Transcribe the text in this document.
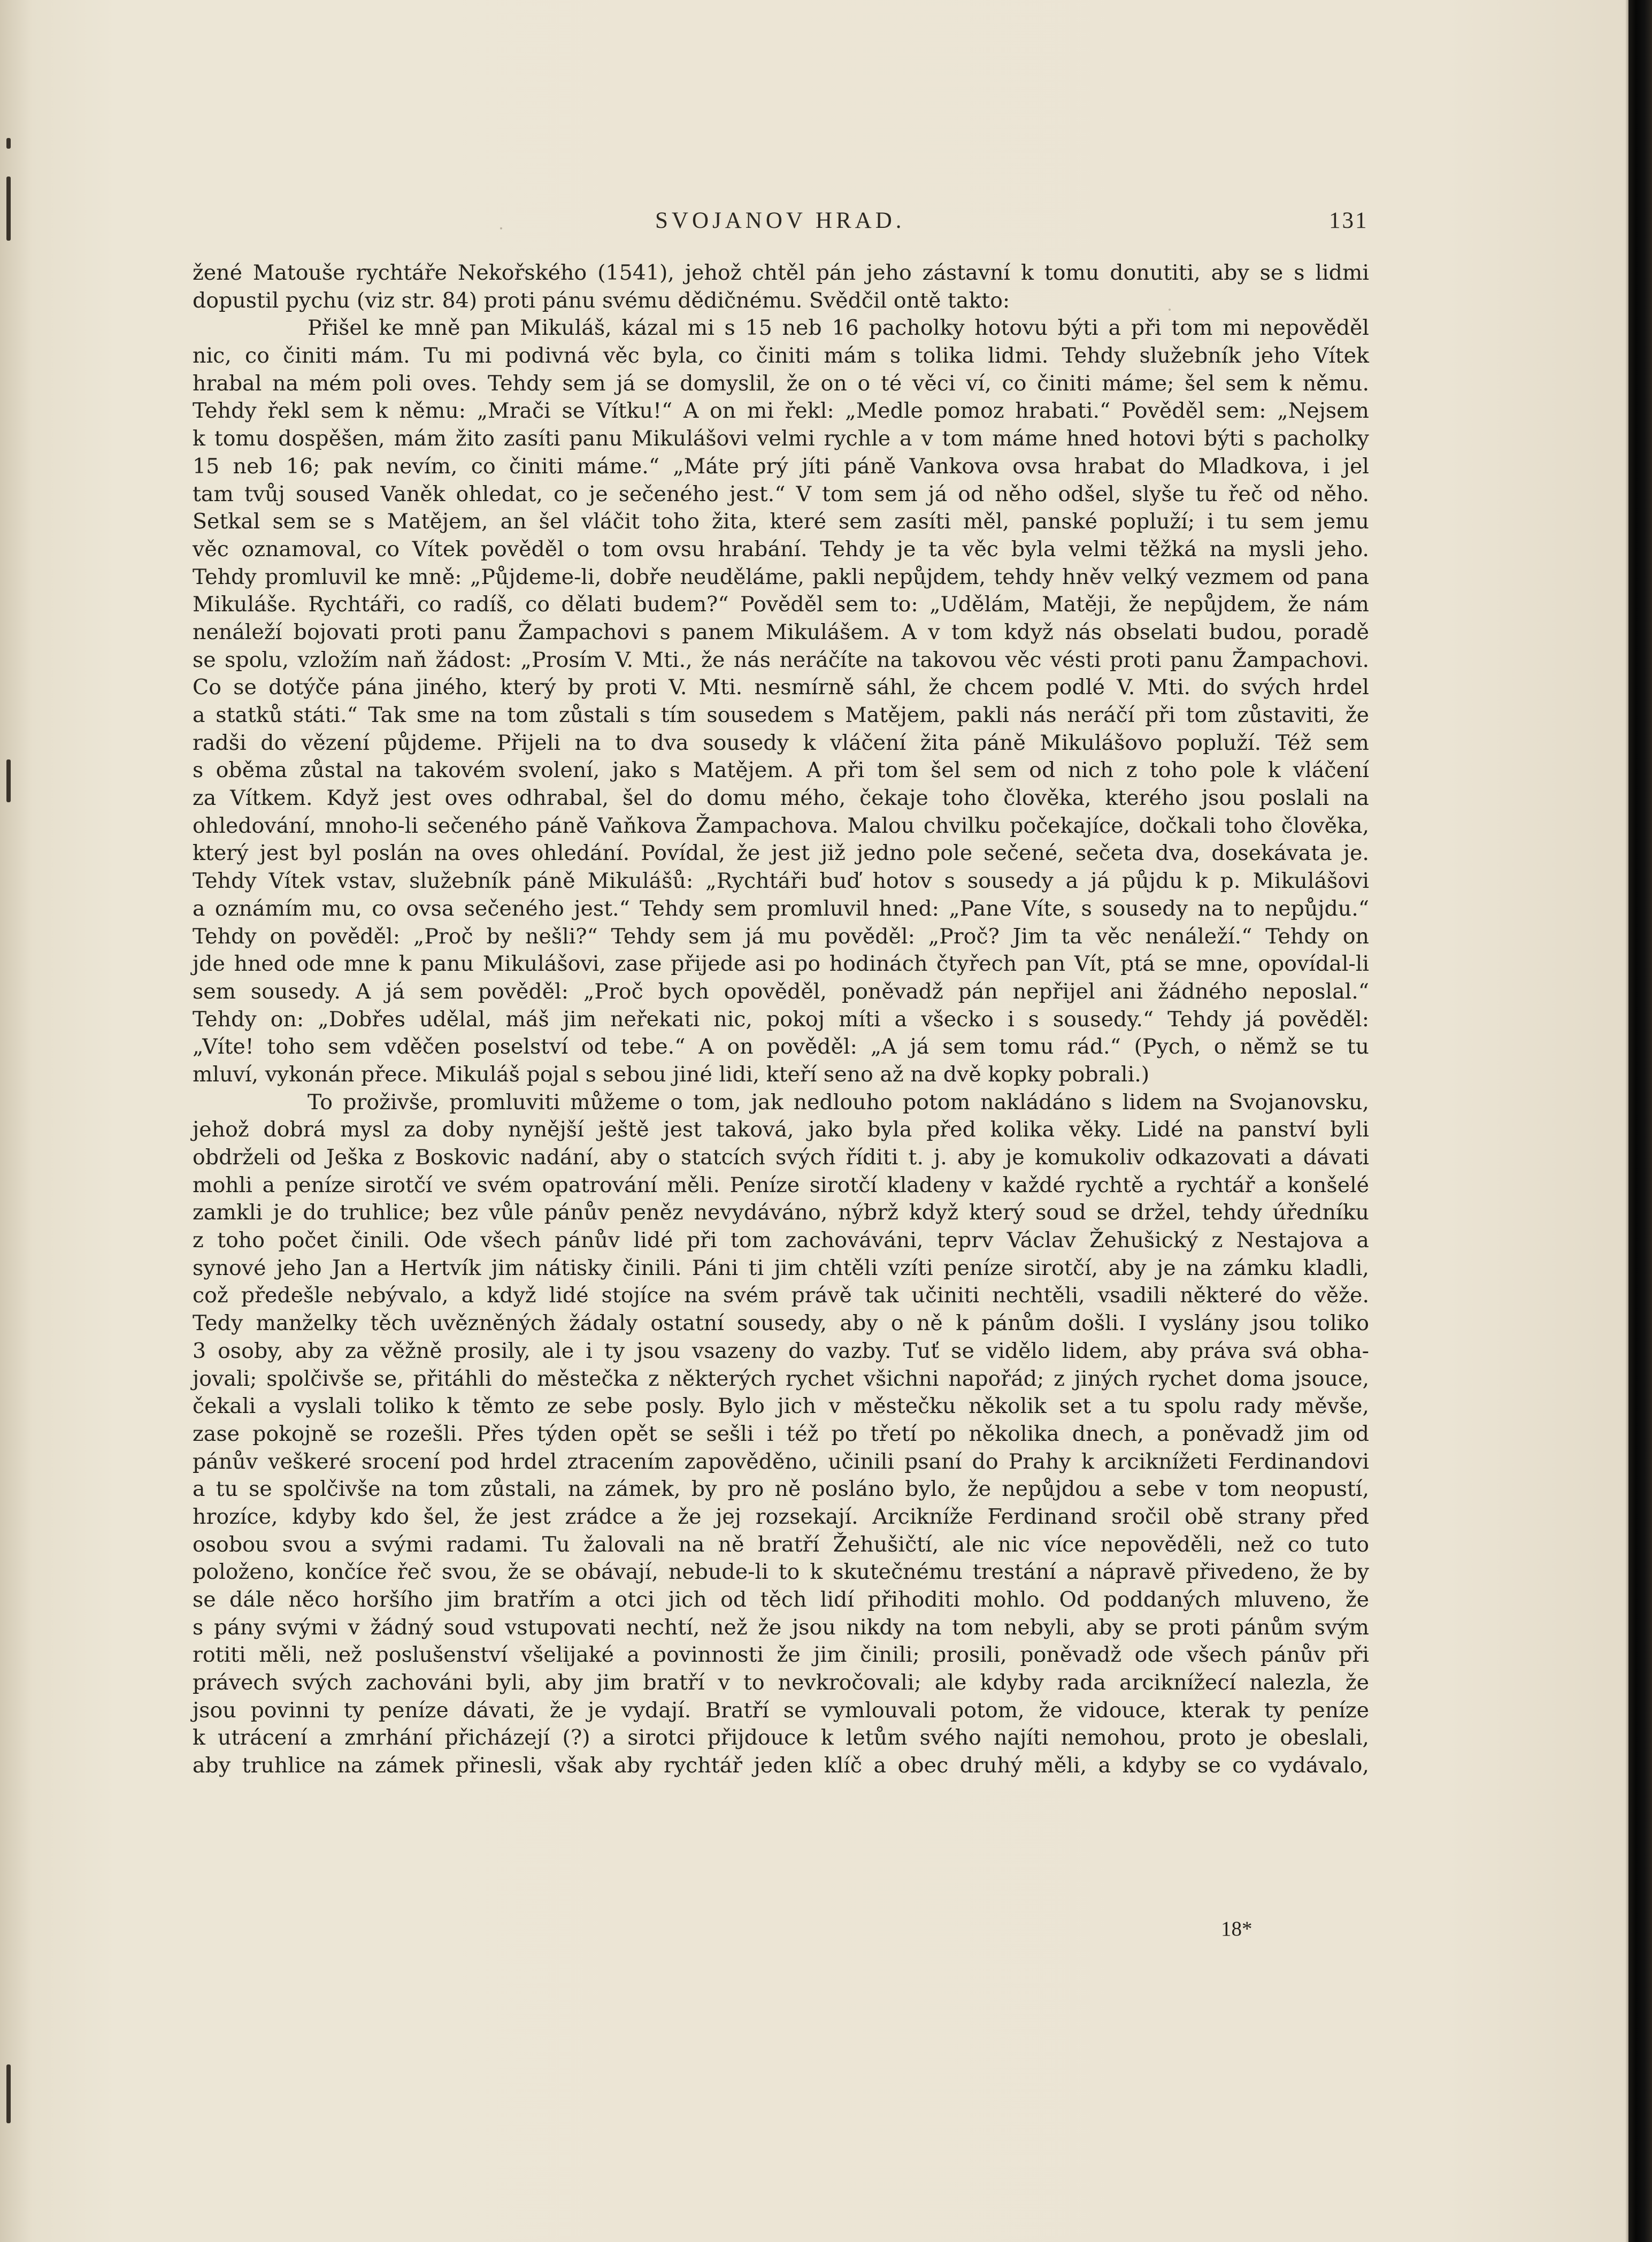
SVOJANOV HRAD.	131
žené Matouše rychtáře Nekořského (1541), jehož chtěl pán jeho zástavní k tomu donutiti, aby se s lidmi
dopustil pychu (viz str. 84) proti pánu svému dědičnému. Svědčil ontě takto:
Přišel ke mně pan Mikuláš, kázal mi s 15 neb 16 pacholky hotovu býti a při tom mi nepověděl
nic, co činiti mám. Tu mi podivná věc byla, co činiti mám s tolika lidmi. Tehdy služebník jeho Vítek
hrabal na mém poli oves. Tehdy sem já se domyslil, že on o té věci ví, co činiti máme; šel sem k němu.
Tehdy řekl sem k němu: „Mrači se Vítku!“ A on mi řekl: „Medle pomoz hrabati.“ Pověděl sem: „Nejsem
k tomu dospěšen, mám žito zasíti panu Mikulášovi velmi rychle a v tom máme hned hotovi býti s pacholky
15 neb 16; pak nevím, co činiti máme.“ „Máte prý jíti páně Vankova ovsa hrabat do Mladkova, i jel
tam tvůj soused Vaněk ohledat, co je sečeného jest.“ V tom sem já od něho odšel, slyše tu řeč od něho.
Setkal sem se s Matějem, an šel vláčit toho žita, které sem zasíti měl, panské popluží; i tu sem jemu
věc oznamoval, co Vítek pověděl o tom ovsu hrabání. Tehdy je ta věc byla velmi těžká na mysli jeho.
Tehdy promluvil ke mně: „Půjdeme-li, dobře neuděláme, pakli nepůjdem, tehdy hněv velký vezmem od pana
Mikuláše. Rychtáři, co radíš, co dělati budem?“ Pověděl sem to: „Udělám, Matěji, že nepůjdem, že nám
nenáleží bojovati proti panu Žampachovi s panem Mikulášem. A v tom když nás obselati budou, poradě
se spolu, vzložím naň žádost: „Prosím V. Mti., že nás neráčíte na takovou věc vésti proti panu Žampachovi.
Co se dotýče pána jiného, který by proti V. Mti. nesmírně sáhl, že chcem podlé V. Mti. do svých hrdel
a statků státi.“ Tak sme na tom zůstali s tím sousedem s Matějem, pakli nás neráčí při tom zůstaviti, že
radši do vězení půjdeme. Přijeli na to dva sousedy k vláčení žita páně Mikulášovo popluží. Též sem
s oběma zůstal na takovém svolení, jako s Matějem. A při tom šel sem od nich z toho pole k vláčení
za Vítkem. Když jest oves odhrabal, šel do domu mého, čekaje toho člověka, kterého jsou poslali na
ohledování, mnoho-li sečeného páně Vaňkova Žampachova. Malou chvilku počekajíce, dočkali toho člověka,
který jest byl poslán na oves ohledání. Povídal, že jest již jedno pole sečené, sečeta dva, dosekávata je.
Tehdy Vítek vstav, služebník páně Mikulášů: „Rychtáři buď hotov s sousedy a já půjdu k p. Mikulášovi
a oznámím mu, co ovsa sečeného jest.“ Tehdy sem promluvil hned: „Pane Víte, s sousedy na to nepůjdu.“
Tehdy on pověděl: „Proč by nešli?“ Tehdy sem já mu pověděl: „Proč? Jim ta věc nenáleží.“ Tehdy on
jde hned ode mne k panu Mikulášovi, zase přijede asi po hodinách čtyřech pan Vít, ptá se mne, opovídal-li
sem sousedy. A já sem pověděl: „Proč bych opověděl, poněvadž pán nepřijel ani žádného neposlal.“
Tehdy on: „Dobřes udělal, máš jim neřekati nic, pokoj míti a všecko i s sousedy.“ Tehdy já pověděl:
„Víte! toho sem vděčen poselství od tebe.“ A on pověděl: „A já sem tomu rád.“ (Pych, o němž se tu
mluví, vykonán přece. Mikuláš pojal s sebou jiné lidi, kteří seno až na dvě kopky pobrali.)
To proživše, promluviti můžeme o tom, jak nedlouho potom nakládáno s lidem na Svojanovsku,
jehož dobrá mysl za doby nynější ještě jest taková, jako byla před kolika věky. Lidé na panství byli
obdrželi od Ješka z Boskovic nadání, aby o statcích svých říditi t. j. aby je komukoliv odkazovati a dávati
mohli a peníze sirotčí ve svém opatrování měli. Peníze sirotčí kladeny v každé rychtě a rychtář a konšelé
zamkli je do truhlice; bez vůle pánův peněz nevydáváno, nýbrž když který soud se držel, tehdy úředníku
z toho počet činili. Ode všech pánův lidé při tom zachováváni, teprv Václav Žehušický z Nestajova a
synové jeho Jan a Hertvík jim nátisky činili. Páni ti jim chtěli vzíti peníze sirotčí, aby je na zámku kladli,
což předešle nebývalo, a když lidé stojíce na svém právě tak učiniti nechtěli, vsadili některé do věže.
Tedy manželky těch uvězněných žádaly ostatní sousedy, aby o ně k pánům došli. I vyslány jsou toliko
3 osoby, aby za věžně prosily, ale i ty jsou vsazeny do vazby. Tuť se vidělo lidem, aby práva svá obha-
jovali; spolčivše se, přitáhli do městečka z některých rychet všichni napořád; z jiných rychet doma jsouce,
čekali a vyslali toliko k těmto ze sebe posly. Bylo jich v městečku několik set a tu spolu rady měvše,
zase pokojně se rozešli. Přes týden opět se sešli i též po třetí po několika dnech, a poněvadž jim od
pánův veškeré srocení pod hrdel ztracením zapověděno, učinili psaní do Prahy k arciknížeti Ferdinandovi
a tu se spolčivše na tom zůstali, na zámek, by pro ně posláno bylo, že nepůjdou a sebe v tom neopustí,
hrozíce, kdyby kdo šel, že jest zrádce a že jej rozsekají. Arcikníže Ferdinand sročil obě strany před
osobou svou a svými radami. Tu žalovali na ně bratří Žehušičtí, ale nic více nepověděli, než co tuto
položeno, končíce řeč svou, že se obávají, nebude-li to k skutečnému trestání a nápravě přivedeno, že by
se dále něco horšího jim bratřím a otci jich od těch lidí přihoditi mohlo. Od poddaných mluveno, že
s pány svými v žádný soud vstupovati nechtí, než že jsou nikdy na tom nebyli, aby se proti pánům svým
rotiti měli, než poslušenství všelijaké a povinnosti že jim činili; prosili, poněvadž ode všech pánův při
právech svých zachováni byli, aby jim bratří v to nevkročovali; ale kdyby rada arciknížecí nalezla, že
jsou povinni ty peníze dávati, že je vydají. Bratří se vymlouvali potom, že vidouce, kterak ty peníze
k utrácení a zmrhání přicházejí (?) a sirotci přijdouce k letům svého najíti nemohou, proto je obeslali,
aby truhlice na zámek přinesli, však aby rychtář jeden klíč a obec druhý měli, a kdyby se co vydávalo,
18*
